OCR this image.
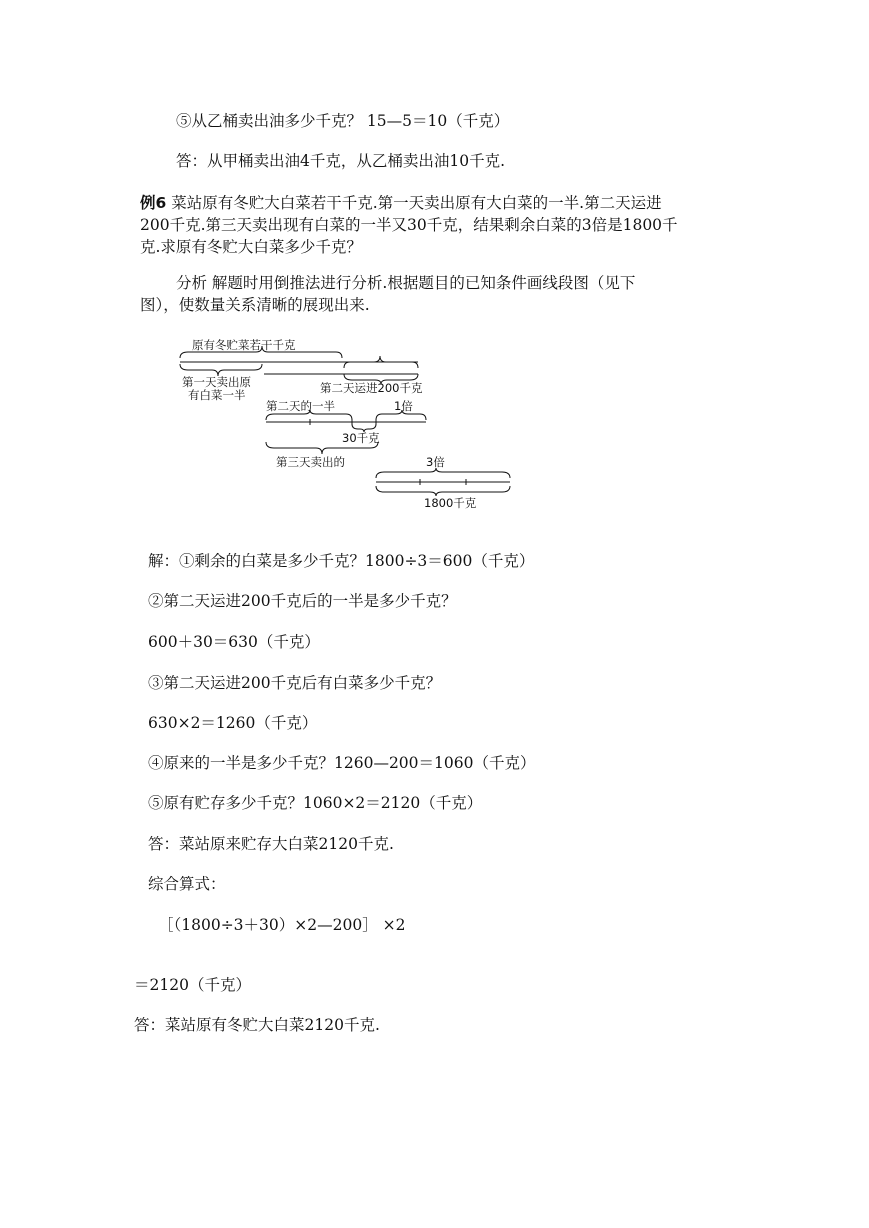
⑤从乙桶卖出油多少千克？ 15—5＝10（千克）
答：从甲桶卖出油4千克，从乙桶卖出油10千克.
例6 菜站原有冬贮大白菜若干千克.第一天卖出原有大白菜的一半.第二天运进
200千克.第三天卖出现有白菜的一半又30千克，结果剩余白菜的3倍是1800千
克.求原有冬贮大白菜多少千克？
分析 解题时用倒推法进行分析.根据题目的已知条件画线段图（见下
图），使数量关系清晰的展现出来.
原有冬贮菜若干千克
第一天卖出原
有白菜一半	第二天运进200千克
第二天的一半	1倍
30千克
第三天卖出的	3倍
1800千克
解：①剩余的白菜是多少千克？1800÷3＝600（千克）
②第二天运进200千克后的一半是多少千克？
600＋30＝630（千克）
③第二天运进200千克后有白菜多少千克？
630×2＝1260（千克）
④原来的一半是多少千克？1260—200＝1060（千克）
⑤原有贮存多少千克？1060×2＝2120（千克）
答：菜站原来贮存大白菜2120千克.
综合算式：
［（1800÷3＋30）×2—200］ ×2
＝2120（千克）
答：菜站原有冬贮大白菜2120千克.
